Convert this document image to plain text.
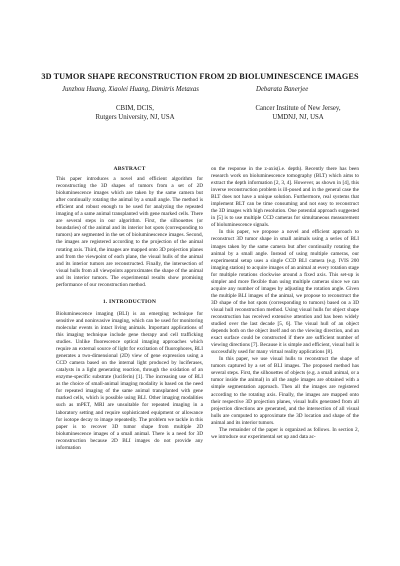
3D TUMOR SHAPE RECONSTRUCTION FROM 2D BIOLUMINESCENCE IMAGES
Junzhou Huang, Xiaolei Huang, Dimitris Metaxas	Debarata Banerjee
CBIM, DCIS,
Rutgers University, NJ, USA
Cancer Institute of New Jersey,
UMDNJ, NJ, USA
ABSTRACT

This paper introduces a novel and efficient algorithm for reconstructing the 3D shapes of tumors from a set of 2D bioluminescence images which are taken by the same camera but after continually rotating the animal by a small angle. The method is efficient and robust enough to be used for analyzing the repeated imaging of a same animal transplanted with gene marked cells. There are several steps in our algorithm. First, the silhouettes (or boundaries) of the animal and its interior hot spots (corresponding to tumors) are segmented in the set of bioluminescence images. Second, the images are registered according to the projection of the animal rotating axis. Third, the images are mapped onto 3D projection planes and from the viewpoint of each plane, the visual hulls of the animal and its interior tumors are reconstructed. Finally, the intersection of visual hulls from all viewpoints approximates the shape of the animal and its interior tumors. The experimental results show promising performance of our reconstruction method.

1. INTRODUCTION

Bioluminescence imaging (BLI) is an emerging technique for sensitive and noninvasive imaging, which can be used for monitoring molecular events in intact living animals. Important applications of this imaging technique include gene therapy and cell trafficking studies. Unlike fluorescence optical imaging approaches which require an external source of light for excitation of fluorophores, BLI generates a two-dimensional (2D) view of gene expression using a CCD camera based on the internal light produced by luciferases, catalysts in a light generating reaction, through the oxidation of an enzyme-specific substrate (luciferin) [1]. The increasing use of BLI as the choice of small-animal imaging modality is based on the need for repeated imaging of the same animal transplanted with gene marked cells, which is possible using BLI. Other imaging modalities such as mPET, MRI are unsuitable for repeated imaging in a laboratory setting and require sophisticated equipment or allowance for isotope decay to image repeatedly. The problem we tackle in this paper is to recover 3D tumor shape from multiple 2D bioluminescence images of a small animal. There is a need for 3D reconstruction because 2D BLI images do not provide any information

on the response in the z-axis(i.e. depth). Recently there has been research work on bioluminescence tomography (BLT) which aims to extract the depth information [2, 3, 4]. However, as shown in [4], this inverse reconstruction problem is ill-posed and in the general case the BLT does not have a unique solution. Furthermore, real systems that implement BLT can be time consuming and not easy to reconstruct the 3D images with high resolution. One potential approach suggested in [5] is to use multiple CCD cameras for simultaneous measurement of bioluminescence signals.

In this paper, we propose a novel and efficient approach to reconstruct 3D tumor shape in small animals using a series of BLI images taken by the same camera but after continually rotating the animal by a small angle. Instead of using multiple cameras, our experimental setup uses a single CCD BLI camera (e.g. IVIS 200 imaging station) to acquire images of an animal at every rotation stage for multiple rotations clockwise around a fixed axis. This set-up is simpler and more flexible than using multiple cameras since we can acquire any number of images by adjusting the rotation angle. Given the multiple BLI images of the animal, we propose to reconstruct the 3D shape of the hot spots (corresponding to tumors) based on a 3D visual hull reconstruction method. Using visual hulls for object shape reconstruction has received extensive attention and has been widely studied over the last decade [5, 6]. The visual hull of an object depends both on the object itself and on the viewing direction, and an exact surface could be constructed if there are sufficient number of viewing directions [7]. Because it is simple and efficient, visual hull is successfully used for many virtual reality applications [8].

In this paper, we use visual hulls to reconstruct the shape of tumors captured by a set of BLI images. The proposed method has several steps. First, the silhouettes of objects (e.g. a small animal, or a tumor inside the animal) in all the angle images are obtained with a simple segmentation approach. Then all the images are registered according to the rotating axis. Finally, the images are mapped onto their respective 3D projection planes, visual hulls generated from all projection directions are generated, and the intersection of all visual hulls are computed to approximate the 3D location and shape of the animal and its interior tumors.

The remainder of the paper is organized as follows. In section 2, we introduce our experimental set up and data ac-
